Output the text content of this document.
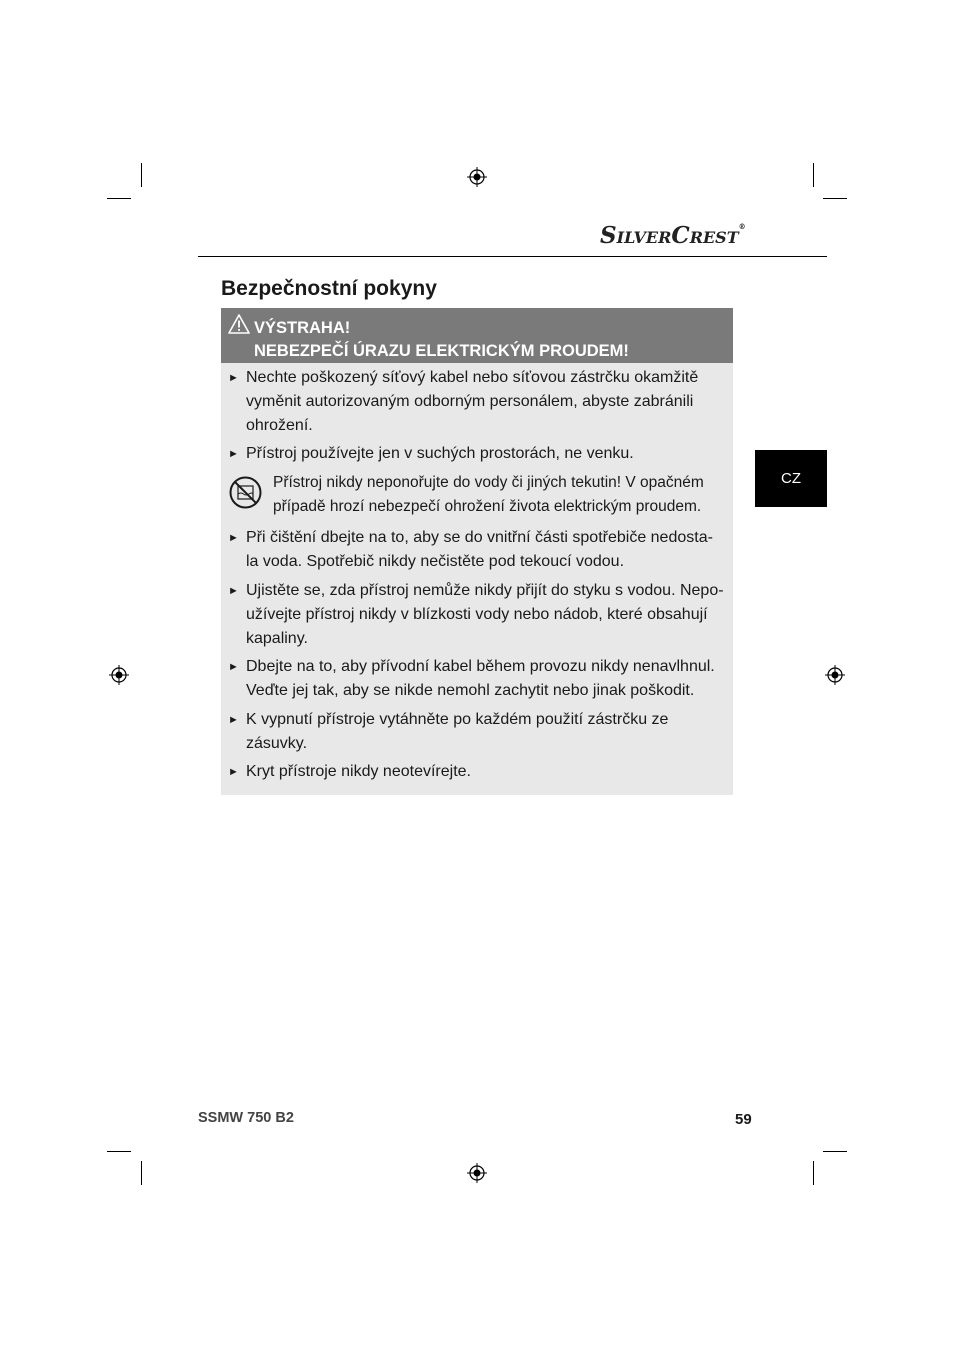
SILVERCREST®
Bezpečnostní pokyny
VÝSTRAHA!
NEBEZPEČÍ ÚRAZU ELEKTRICKÝM PROUDEM!
► Nechte poškozený síťový kabel nebo síťovou zástrčku okamžitě
vyměnit autorizovaným odborným personálem, abyste zabránili
ohrožení.
► Přístroj používejte jen v suchých prostorách, ne venku.
Přístroj nikdy neponořujte do vody či jiných tekutin! V opačném
případě hrozí nebezpečí ohrožení života elektrickým proudem.
► Při čištění dbejte na to, aby se do vnitřní části spotřebiče nedosta-
la voda. Spotřebič nikdy nečistěte pod tekoucí vodou.
► Ujistěte se, zda přístroj nemůže nikdy přijít do styku s vodou. Nepo-
užívejte přístroj nikdy v blízkosti vody nebo nádob, které obsahují
kapaliny.
► Dbejte na to, aby přívodní kabel během provozu nikdy nenavlhnul.
Veďte jej tak, aby se nikde nemohl zachytit nebo jinak poškodit.
► K vypnutí přístroje vytáhněte po každém použití zástrčku ze
zásuvky.
► Kryt přístroje nikdy neotevírejte.
CZ
SSMW 750 B2	59
